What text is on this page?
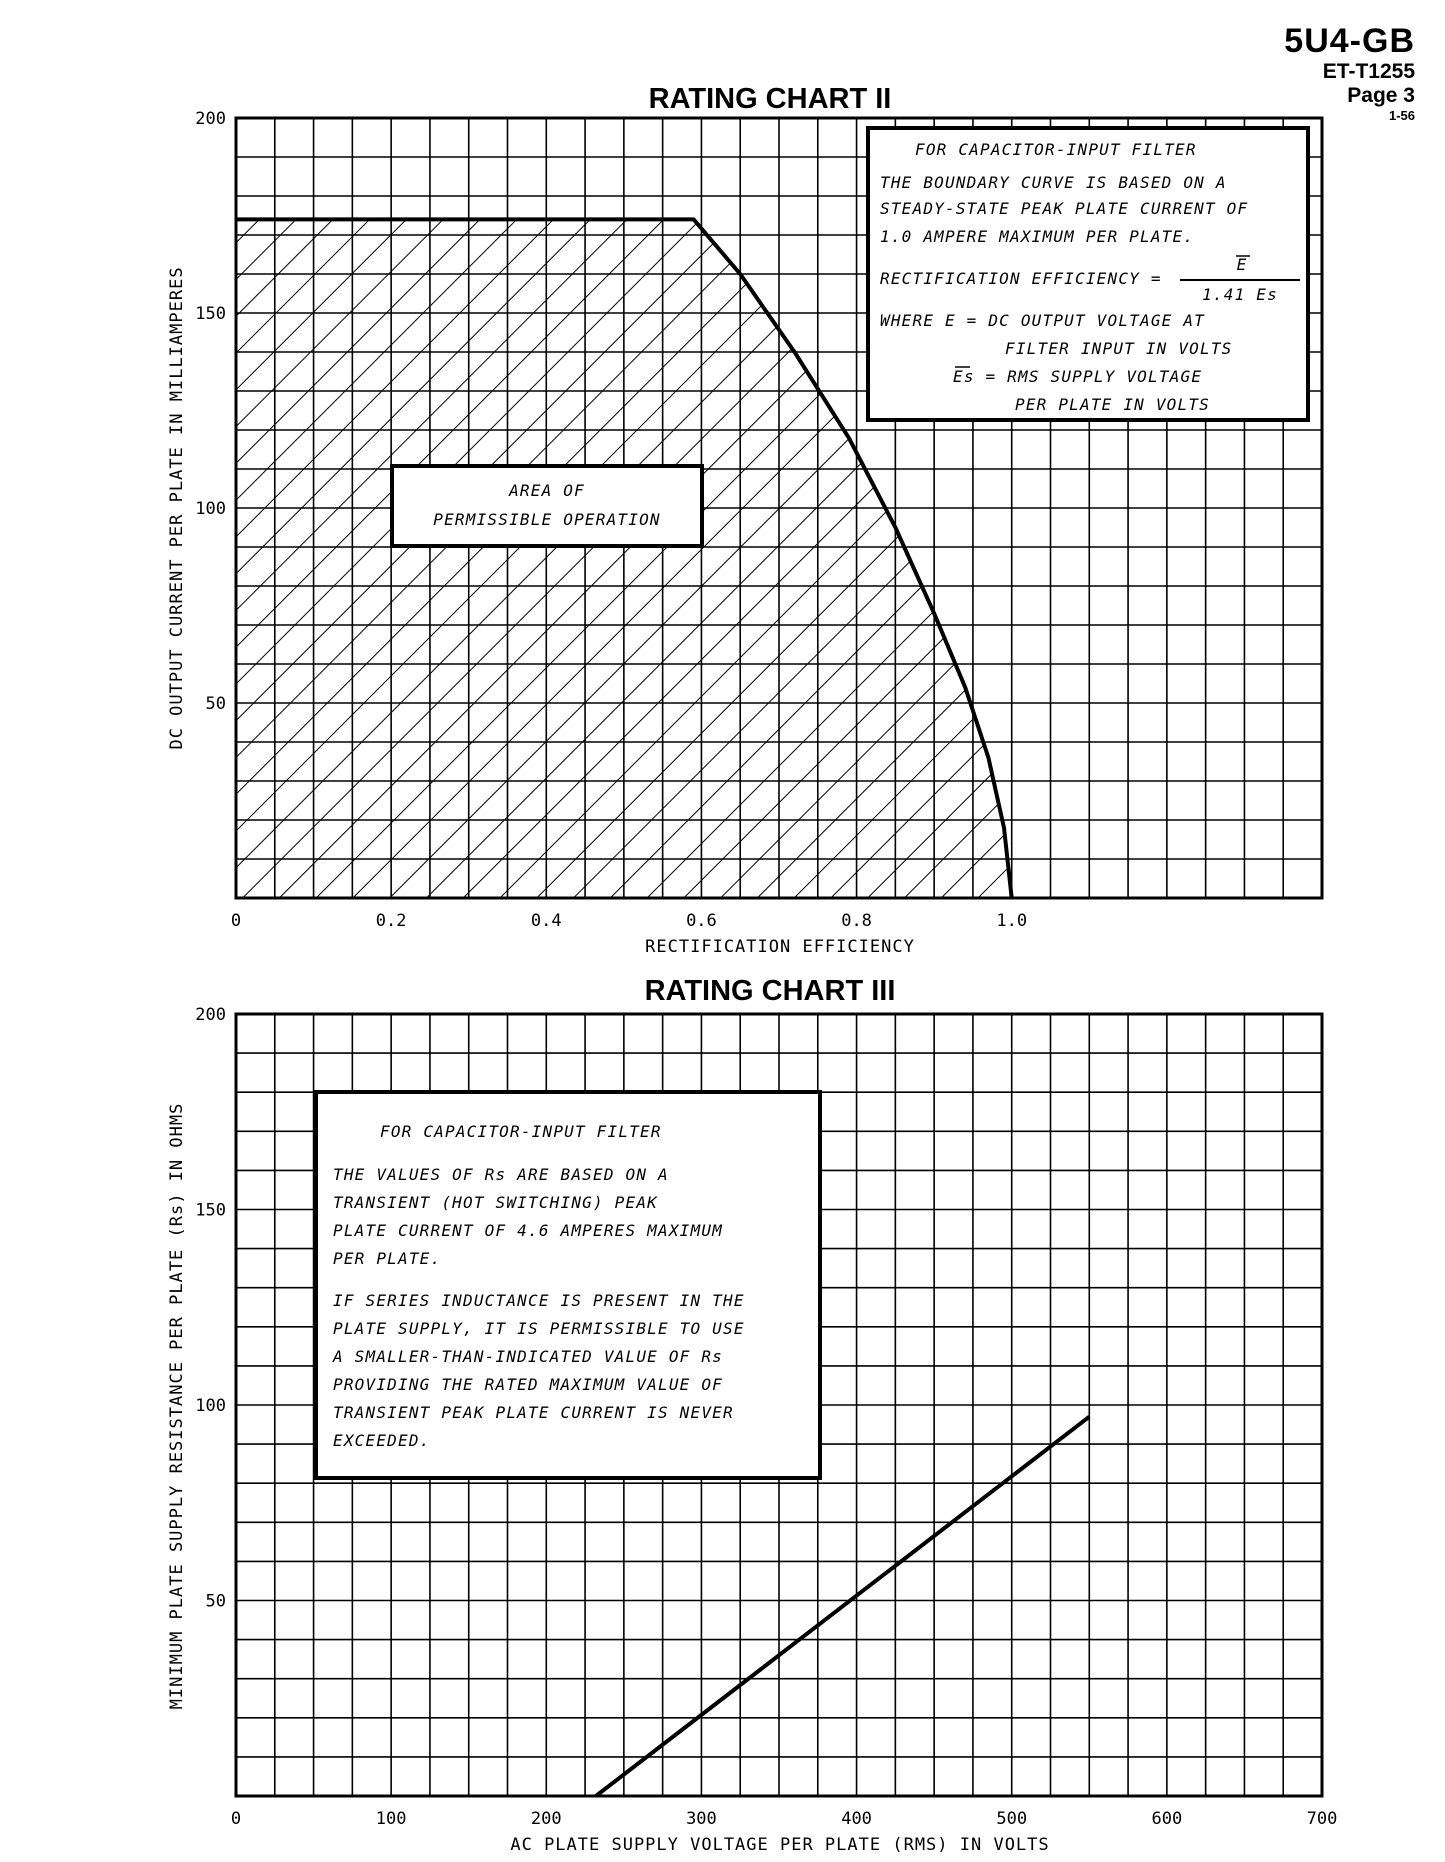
5U4-GB
ET-T1255
Page 3
1-56
RATING CHART II
0	0.2	0.4	0.6	0.8	1.0
200
150
100
50
RECTIFICATION EFFICIENCY
DC OUTPUT CURRENT PER PLATE IN MILLIAMPERES	AREA OF
PERMISSIBLE OPERATION
FOR CAPACITOR-INPUT FILTER
THE BOUNDARY CURVE IS BASED ON A
STEADY-STATE PEAK PLATE CURRENT OF
1.0 AMPERE MAXIMUM PER PLATE.
RECTIFICATION EFFICIENCY =
E
1.41 Es
WHERE E = DC OUTPUT VOLTAGE AT
FILTER INPUT IN VOLTS
Es = RMS SUPPLY VOLTAGE
PER PLATE IN VOLTS
RATING CHART III
0	100	200	300	400	500	600	700
200
150
100
50
AC PLATE SUPPLY VOLTAGE PER PLATE (RMS) IN VOLTS
MINIMUM PLATE SUPPLY RESISTANCE PER PLATE (Rs) IN OHMS	FOR CAPACITOR-INPUT FILTER
THE VALUES OF Rs ARE BASED ON A
TRANSIENT (HOT SWITCHING) PEAK
PLATE CURRENT OF 4.6 AMPERES MAXIMUM
PER PLATE.
IF SERIES INDUCTANCE IS PRESENT IN THE
PLATE SUPPLY, IT IS PERMISSIBLE TO USE
A SMALLER-THAN-INDICATED VALUE OF Rs
PROVIDING THE RATED MAXIMUM VALUE OF
TRANSIENT PEAK PLATE CURRENT IS NEVER
EXCEEDED.
